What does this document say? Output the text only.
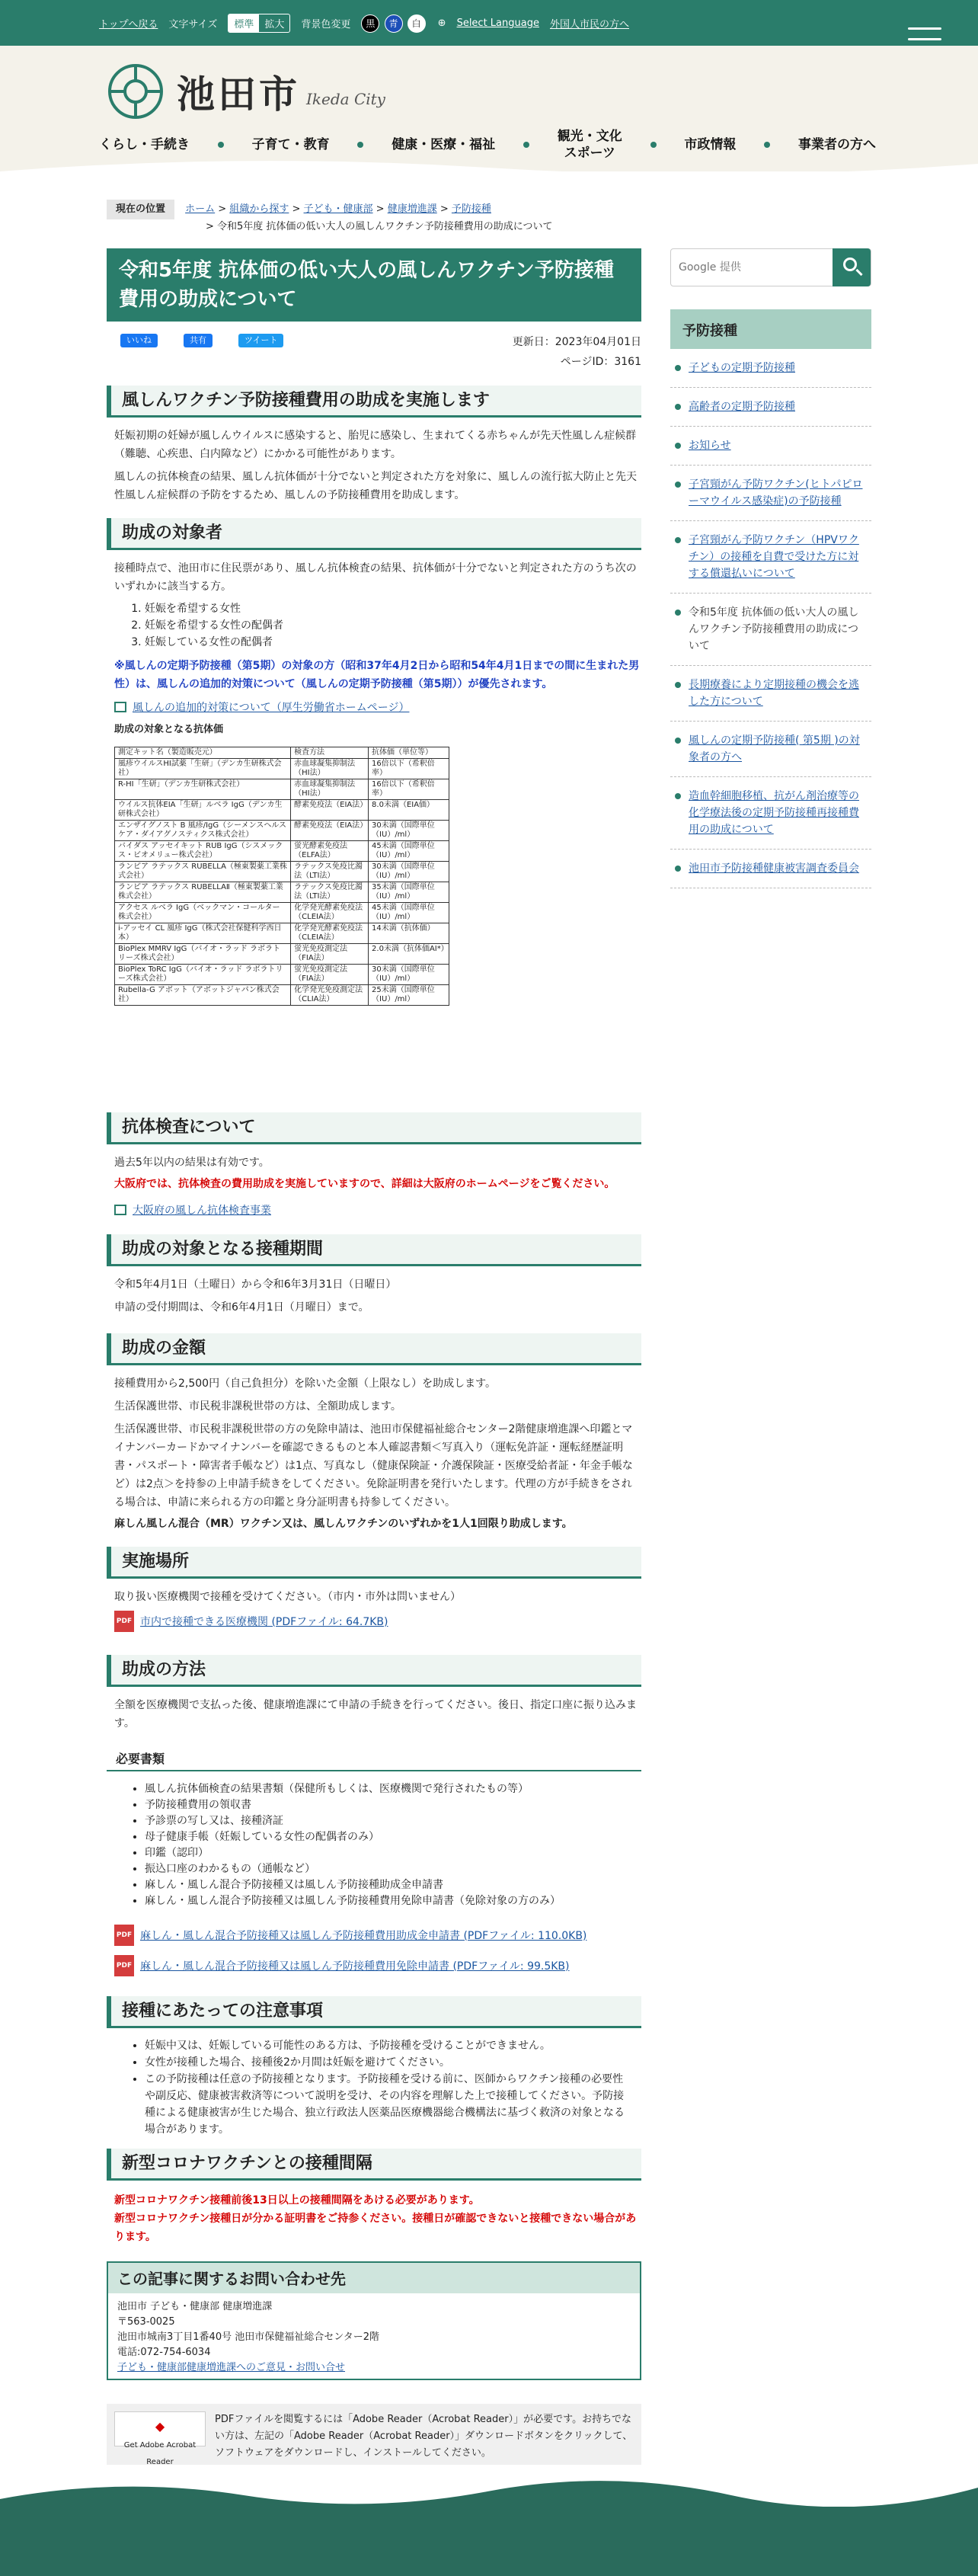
トップへ戻る 文字サイズ	標準	拡大	背景色変更	黒 青 白	⊕ Select Language 外国人市民の方へ
池田市 Ikeda City
くらし・手続き	子育て・教育	健康・医療・福祉
観光・文化
スポーツ
市政情報	事業者の方へ
現在の位置 ホーム > 組織から探す > 子ども・健康部 > 健康増進課 > 予防接種
> 令和5年度 抗体価の低い大人の風しんワクチン予防接種費用の助成について
令和5年度 抗体価の低い大人の風しんワクチン予防接種費用の助成について
いいね	共有	ツイート	更新日：2023年04月01日
ページID：3161
風しんワクチン予防接種費用の助成を実施します

妊娠初期の妊婦が風しんウイルスに感染すると、胎児に感染し、生まれてくる赤ちゃんが先天性風しん症候群（難聴、心疾患、白内障など）にかかる可能性があります。

風しんの抗体検査の結果、風しん抗体価が十分でないと判定された方を対象に、風しんの流行拡大防止と先天性風しん症候群の予防をするため、風しんの予防接種費用を助成します。

助成の対象者

接種時点で、池田市に住民票があり、風しん抗体検査の結果、抗体価が十分でないと判定された方のうち次のいずれかに該当する方。

1. 妊娠を希望する女性
2. 妊娠を希望する女性の配偶者
3. 妊娠している女性の配偶者

※風しんの定期予防接種（第5期）の対象の方（昭和37年4月2日から昭和54年4月1日までの間に生まれた男性）は、風しんの追加的対策について（風しんの定期予防接種（第5期））が優先されます。

風しんの追加的対策について（厚生労働省ホームページ）

助成の対象となる抗体価

測定キット名（製造販売元）	検査方法	抗体価（単位等）
風疹ウイルスHI試薬「生研」（デンカ生研株式会社）	赤血球凝集抑制法（HI法）	16倍以下（希釈倍率）
R-HI「生研」（デンカ生研株式会社）	赤血球凝集抑制法（HI法）	16倍以下（希釈倍率）
ウイルス抗体EIA「生研」ルベラ IgG（デンカ生研株式会社）	酵素免疫法（EIA法）	8.0未満（EIA価）
エンザイグノスト B 風疹/IgG（シーメンスヘルスケア・ダイアグノスティクス株式会社）	酵素免疫法（EIA法）	30未満（国際単位（IU）/ml）
バイダス アッセイキット RUB IgG（シスメックス・ビオメリュー株式会社）	蛍光酵素免疫法（ELFA法）	45未満（国際単位（IU）/ml）
ランピア ラテックス RUBELLA（極東製薬工業株式会社）	ラテックス免疫比濁法（LTI法）	30未満（国際単位（IU）/ml）
ランピア ラテックス RUBELLAⅡ（極東製薬工業株式会社）	ラテックス免疫比濁法（LTI法）	35未満（国際単位（IU）/ml）
アクセス ルベラ IgG（ベックマン・コールター株式会社）	化学発光酵素免疫法（CLEIA法）	45未満（国際単位（IU）/ml）
i-アッセイ CL 風疹 IgG（株式会社保健科学西日本）	化学発光酵素免疫法（CLEIA法）	14未満（抗体価）
BioPlex MMRV IgG（バイオ・ラッド ラボラトリーズ株式会社）	蛍光免疫測定法（FIA法）	2.0未満（抗体価AI*）
BioPlex ToRC IgG（バイオ・ラッド ラボラトリーズ株式会社）	蛍光免疫測定法（FIA法）	30未満（国際単位（IU）/ml）
Rubella-G アボット（アボットジャパン株式会社）	化学発光免疫測定法（CLIA法）	25未満（国際単位（IU）/ml）
抗体検査について

過去5年以内の結果は有効です。

大阪府では、抗体検査の費用助成を実施していますので、詳細は大阪府のホームページをご覧ください。

大阪府の風しん抗体検査事業
助成の対象となる接種期間

令和5年4月1日（土曜日）から令和6年3月31日（日曜日）

申請の受付期間は、令和6年4月1日（月曜日）まで。

助成の金額

接種費用から2,500円（自己負担分）を除いた金額（上限なし）を助成します。

生活保護世帯、市民税非課税世帯の方は、全額助成します。

生活保護世帯、市民税非課税世帯の方の免除申請は、池田市保健福祉総合センター2階健康増進課へ印鑑とマイナンバーカードかマイナンバーを確認できるものと本人確認書類＜写真入り（運転免許証・運転経歴証明書・パスポート・障害者手帳など）は1点、写真なし（健康保険証・介護保険証・医療受給者証・年金手帳など）は2点＞を持参の上申請手続きをしてください。免除証明書を発行いたします。代理の方が手続きをされる場合は、申請に来られる方の印鑑と身分証明書も持参してください。

麻しん風しん混合（MR）ワクチン又は、風しんワクチンのいずれかを1人1回限り助成します。

実施場所

取り扱い医療機関で接種を受けてください。（市内・市外は問いません）

PDF 市内で接種できる医療機関 (PDFファイル: 64.7KB)
助成の方法

全額を医療機関で支払った後、健康増進課にて申請の手続きを行ってください。後日、指定口座に振り込みます。

必要書類
• 風しん抗体価検査の結果書類（保健所もしくは、医療機関で発行されたもの等）
• 予防接種費用の領収書
• 予診票の写し又は、接種済証
• 母子健康手帳（妊娠している女性の配偶者のみ）
• 印鑑（認印）
• 振込口座のわかるもの（通帳など）
• 麻しん・風しん混合予防接種又は風しん予防接種助成金申請書
• 麻しん・風しん混合予防接種又は風しん予防接種費用免除申請書（免除対象の方のみ）
PDF 麻しん・風しん混合予防接種又は風しん予防接種費用助成金申請書 (PDFファイル: 110.0KB)
PDF 麻しん・風しん混合予防接種又は風しん予防接種費用免除申請書 (PDFファイル: 99.5KB)
接種にあたっての注意事項
• 妊娠中又は、妊娠している可能性のある方は、予防接種を受けることができません。
• 女性が接種した場合、接種後2か月間は妊娠を避けてください。
• この予防接種は任意の予防接種となります。予防接種を受ける前に、医師からワクチン接種の必要性や副反応、健康被害救済等について説明を受け、その内容を理解した上で接種してください。予防接種による健康被害が生じた場合、独立行政法人医薬品医療機器総合機構法に基づく救済の対象となる場合があります。
新型コロナワクチンとの接種間隔

新型コロナワクチン接種前後13日以上の接種間隔をあける必要があります。

新型コロナワクチン接種日が分かる証明書をご持参ください。接種日が確認できないと接種できない場合があります。

この記事に関するお問い合わせ先
池田市 子ども・健康部 健康増進課
〒563-0025
池田市城南3丁目1番40号 池田市保健福祉総合センター2階
電話:072-754-6034
子ども・健康部健康増進課へのご意見・お問い合せ
◆
Get Adobe Acrobat Reader
PDFファイルを閲覧するには「Adobe Reader（Acrobat Reader）」が必要です。お持ちでない方は、左記の「Adobe Reader（Acrobat Reader）」ダウンロードボタンをクリックして、ソフトウェアをダウンロードし、インストールしてください。
Google 提供
予防接種
子どもの定期予防接種
高齢者の定期予防接種
お知らせ
子宮頸がん予防ワクチン(ヒトパピローマウイルス感染症)の予防接種
子宮頸がん予防ワクチン（HPVワクチン）の接種を自費で受けた方に対する償還払いについて
令和5年度 抗体価の低い大人の風しんワクチン予防接種費用の助成について
長期療養により定期接種の機会を逃した方について
風しんの定期予防接種( 第5期 )の対象者の方へ
造血幹細胞移植、抗がん剤治療等の化学療法後の定期予防接種再接種費用の助成について
池田市予防接種健康被害調査委員会
